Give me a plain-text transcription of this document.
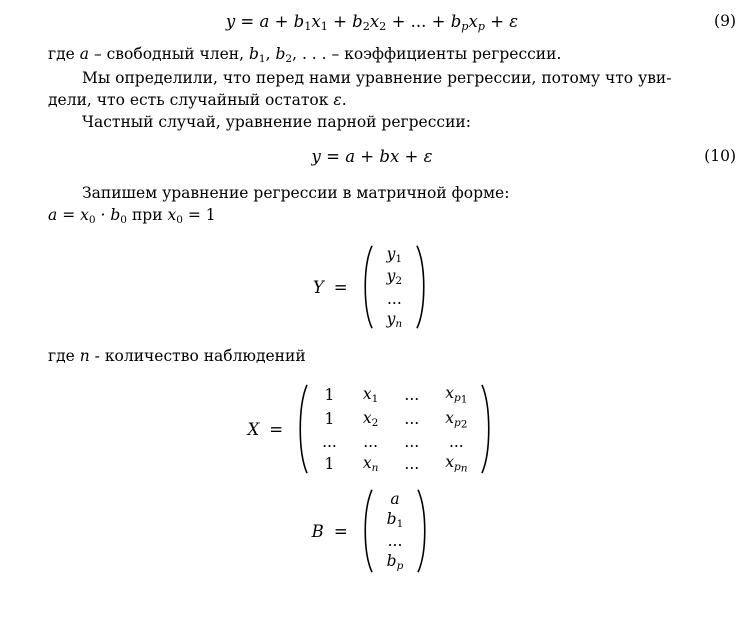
$y = a + b_1x_1 + b_2x_2$ + ... + $b_px_p + \varepsilon$	(9)

где a – свободный член, $b_1$, $b_2$, . . . – коэффициенты регрессии.

Мы определили, что перед нами уравнение регрессии, потому что уви-

дели, что есть случайный остаток ε.

Частный случай, уравнение парной регрессии:

y = a + bx + ε	(10)

Запишем уравнение регрессии в матричной форме:

$a = x_0 \cdot b_0$ при $x_0 = 1$

Y =
$y_1$
$y_2$
...
$y_n$

где n - количество наблюдений

X =
1	$x_1$	...	$x_{p1}$
1	$x_2$	...	$x_{p2}$
...	...	...	...
1	$x_n$	...	$x_{pn}$
B =
a
$b_1$
...
$b_p$
